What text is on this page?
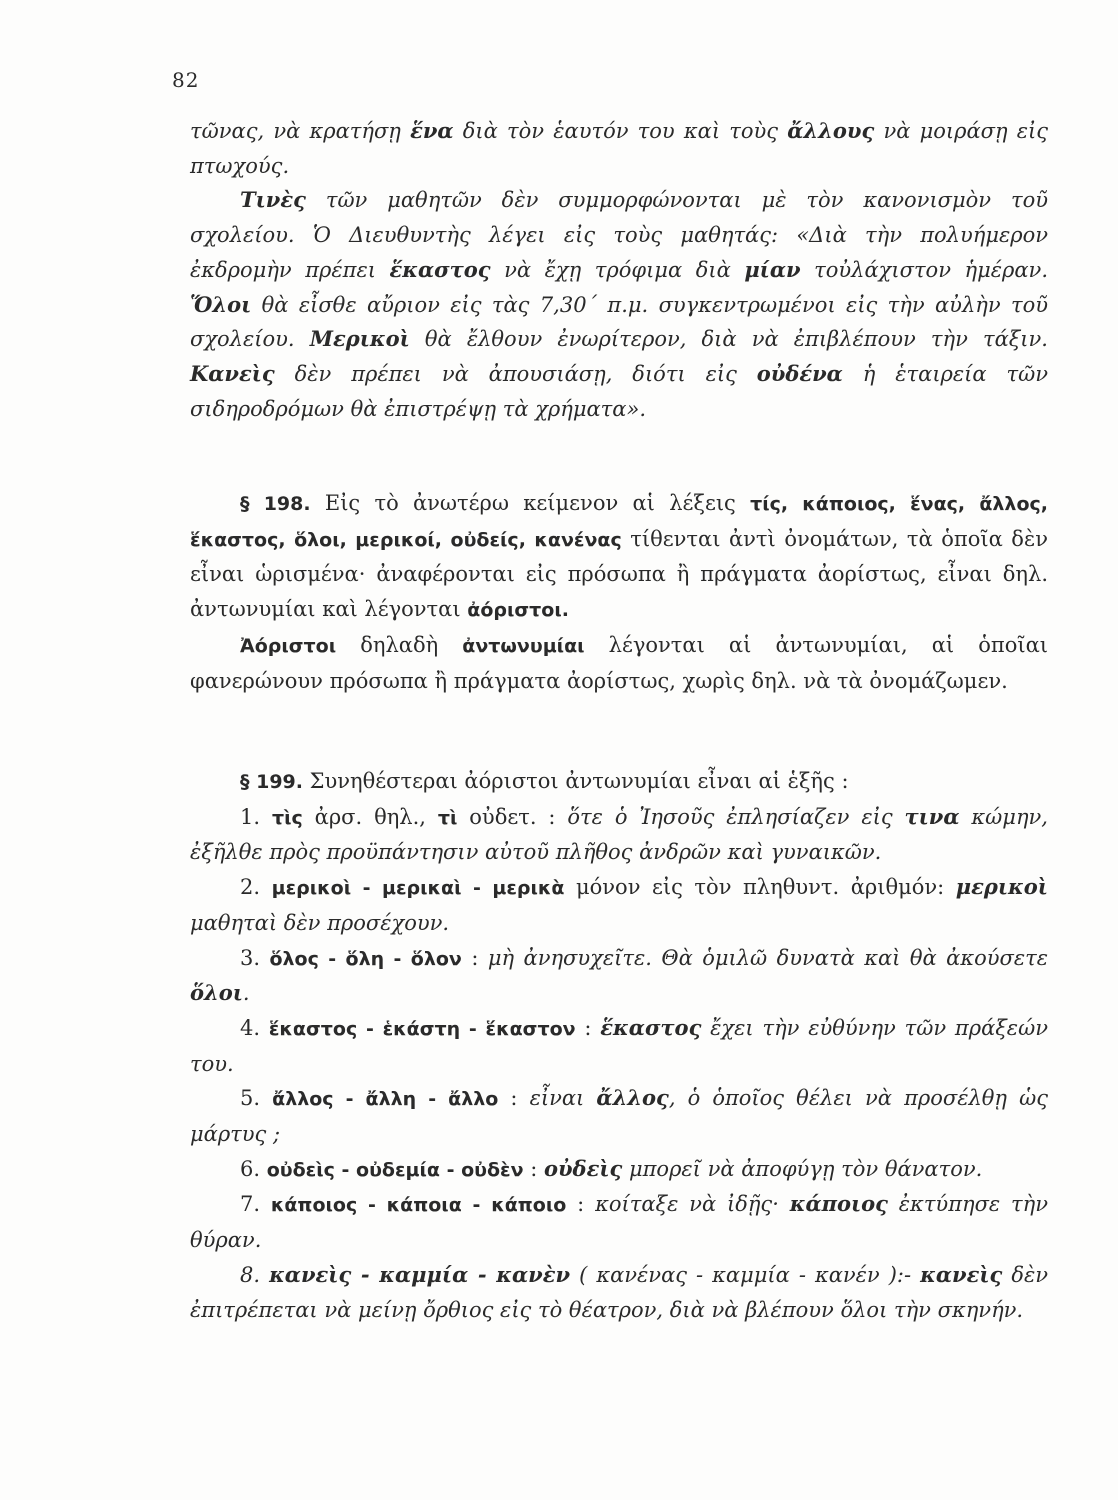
82

τῶνας, νὰ κρατήσῃ ἕνα διὰ τὸν ἑαυτόν του καὶ τοὺς ἄλλους νὰ μοιράσῃ εἰς πτωχούς.

Τινὲς τῶν μαθητῶν δὲν συμμορφώνονται μὲ τὸν κανονισμὸν τοῦ σχολείου. Ὁ Διευθυντὴς λέγει εἰς τοὺς μαθητάς: «Διὰ τὴν πολυήμερον ἐκδρομὴν πρέπει ἕκαστος νὰ ἔχῃ τρόφιμα διὰ μίαν τοὐλάχιστον ἡμέραν. Ὅλοι θὰ εἶσθε αὔριον εἰς τὰς 7,30΄ π.μ. συγκεντρωμένοι εἰς τὴν αὐλὴν τοῦ σχολείου. Μερικοὶ θὰ ἔλθουν ἐνωρίτερον, διὰ νὰ ἐπιβλέπουν τὴν τάξιν. Κανεὶς δὲν πρέπει νὰ ἀπουσιάσῃ, διότι εἰς οὐδένα ἡ ἑταιρεία τῶν σιδηροδρόμων θὰ ἐπιστρέψῃ τὰ χρήματα».

§ 198. Εἰς τὸ ἀνωτέρω κείμενον αἱ λέξεις τίς, κάποιος, ἕνας, ἄλλος, ἕκαστος, ὅλοι, μερικοί, οὐδείς, κανένας τίθενται ἀντὶ ὀνομάτων, τὰ ὁποῖα δὲν εἶναι ὡρισμένα· ἀναφέρονται εἰς πρόσωπα ἢ πράγματα ἀορίστως, εἶναι δηλ. ἀντωνυμίαι καὶ λέγονται ἀόριστοι.

Ἀόριστοι δηλαδὴ ἀντωνυμίαι λέγονται αἱ ἀντωνυμίαι, αἱ ὁποῖαι φανερώνουν πρόσωπα ἢ πράγματα ἀορίστως, χωρὶς δηλ. νὰ τὰ ὀνομάζωμεν.

§ 199. Συνηθέστεραι ἀόριστοι ἀντωνυμίαι εἶναι αἱ ἑξῆς :

1. τὶς ἀρσ. θηλ., τὶ οὐδετ. : ὅτε ὁ Ἰησοῦς ἐπλησίαζεν εἰς τινα κώμην, ἐξῆλθε πρὸς προϋπάντησιν αὐτοῦ πλῆθος ἀνδρῶν καὶ γυναικῶν.

2. μερικοὶ - μερικαὶ - μερικὰ μόνον εἰς τὸν πληθυντ. ἀριθμόν: μερικοὶ μαθηταὶ δὲν προσέχουν.

3. ὅλος - ὅλη - ὅλον : μὴ ἀνησυχεῖτε. Θὰ ὁμιλῶ δυνατὰ καὶ θὰ ἀκούσετε ὅλοι.

4. ἕκαστος - ἑκάστη - ἕκαστον : ἕκαστος ἔχει τὴν εὐθύνην τῶν πράξεών του.

5. ἄλλος - ἄλλη - ἄλλο : εἶναι ἄλλος, ὁ ὁποῖος θέλει νὰ προσέλθῃ ὡς μάρτυς ;

6. οὐδεὶς - οὐδεμία - οὐδὲν : οὐδεὶς μπορεῖ νὰ ἀποφύγῃ τὸν θάνατον.

7. κάποιος - κάποια - κάποιο : κοίταξε νὰ ἰδῇς· κάποιος ἐκτύπησε τὴν θύραν.

8. κανεὶς - καμμία - κανὲν ( κανένας - καμμία - κανέν ):- κανεὶς δὲν ἐπιτρέπεται νὰ μείνῃ ὄρθιος εἰς τὸ θέατρον, διὰ νὰ βλέπουν ὅλοι τὴν σκηνήν.
